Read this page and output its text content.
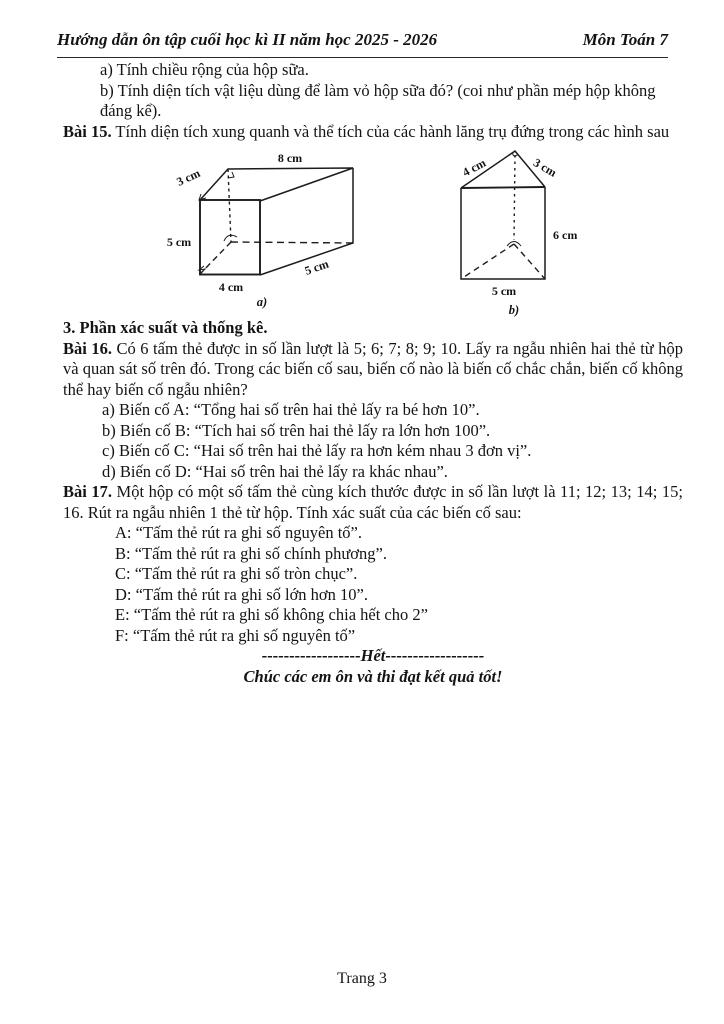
Hướng dẫn ôn tập cuối học kì II năm học 2025 - 2026	Môn Toán 7

a) Tính chiều rộng của hộp sữa.

b) Tính diện tích vật liệu dùng để làm vỏ hộp sữa đó? (coi như phần mép hộp không đáng kể).

Bài 15. Tính diện tích xung quanh và thể tích của các hành lăng trụ đứng trong các hình sau

8 cm
3 cm
5 cm
4 cm
5 cm
a)
4 cm	3 cm
6 cm
5 cm
b)

3. Phần xác suất và thống kê.

Bài 16. Có 6 tấm thẻ được in số lần lượt là 5; 6; 7; 8; 9; 10. Lấy ra ngẫu nhiên hai thẻ từ hộp và quan sát số trên đó. Trong các biến cố sau, biến cố nào là biến cố chắc chắn, biến cố không thể hay biến cố ngẫu nhiên?

a) Biến cố A: “Tổng hai số trên hai thẻ lấy ra bé hơn 10”.

b) Biến cố B: “Tích hai số trên hai thẻ lấy ra lớn hơn 100”.

c) Biến cố C: “Hai số trên hai thẻ lấy ra hơn kém nhau 3 đơn vị”.

d) Biến cố D: “Hai số trên hai thẻ lấy ra khác nhau”.

Bài 17. Một hộp có một số tấm thẻ cùng kích thước được in số lần lượt là 11; 12; 13; 14; 15; 16. Rút ra ngẫu nhiên 1 thẻ từ hộp. Tính xác suất của các biến cố sau:

A: “Tấm thẻ rút ra ghi số nguyên tố”.

B: “Tấm thẻ rút ra ghi số chính phương”.

C: “Tấm thẻ rút ra ghi số tròn chục”.

D: “Tấm thẻ rút ra ghi số lớn hơn 10”.

E: “Tấm thẻ rút ra ghi số không chia hết cho 2”

F: “Tấm thẻ rút ra ghi số nguyên tố”

------------------Hết------------------

Chúc các em ôn và thi đạt kết quả tốt!

Trang 3
